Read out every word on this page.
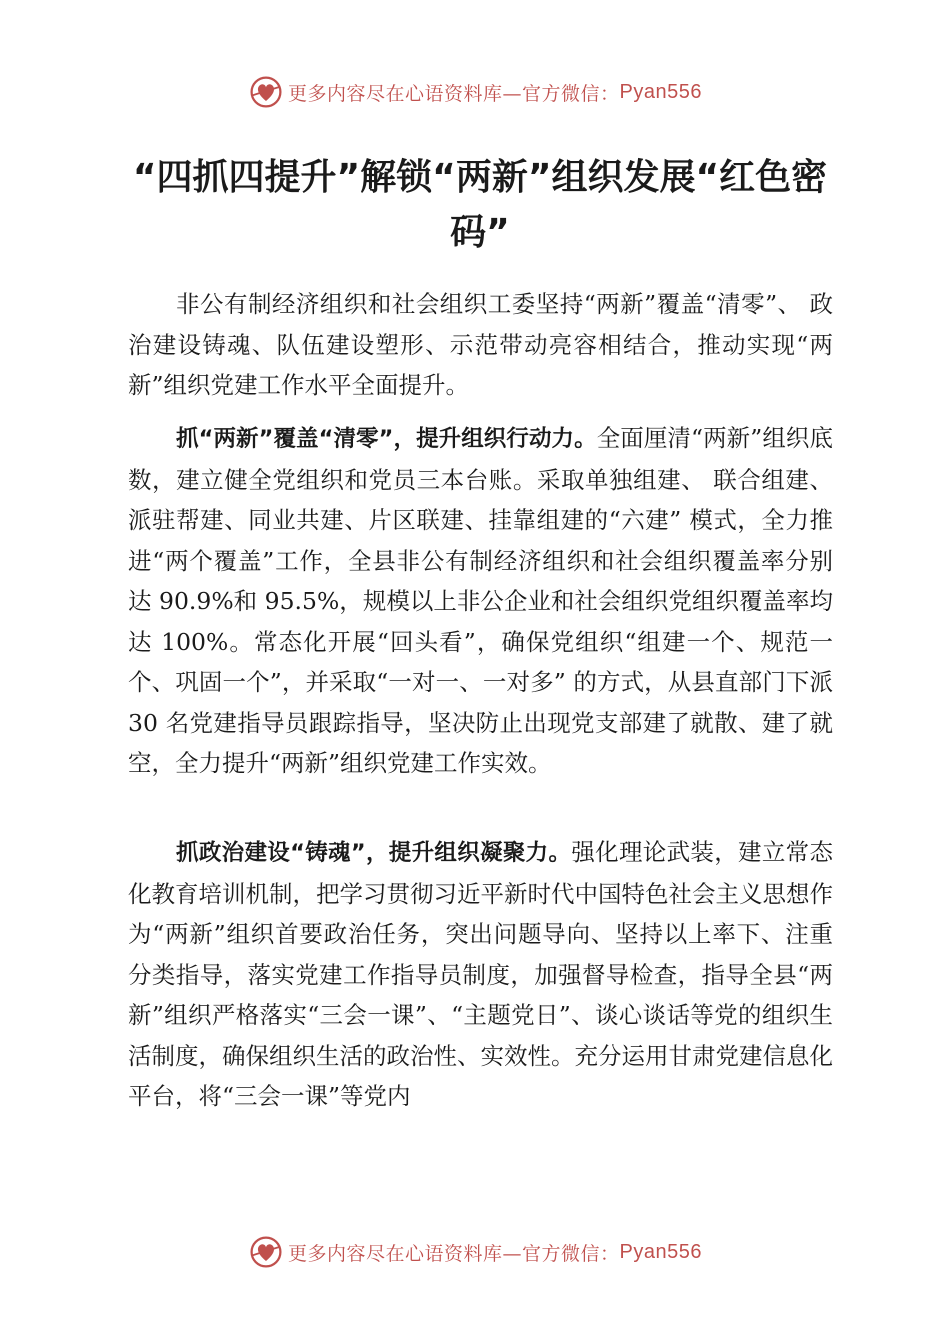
更多内容尽在心语资料库—官方微信： Pyan556
“四抓四提升”解锁“两新”组织发展“红色密码”

非公有制经济组织和社会组织工委坚持“两新”覆盖“清零”、 政治建设铸魂、队伍建设塑形、示范带动亮容相结合，推动实现“两新”组织党建工作水平全面提升。

抓“两新”覆盖“清零”，提升组织行动力。全面厘清“两新”组织底数，建立健全党组织和党员三本台账。采取单独组建、 联合组建、派驻帮建、同业共建、片区联建、挂靠组建的“六建” 模式，全力推进“两个覆盖”工作，全县非公有制经济组织和社会组织覆盖率分别达 90.9%和 95.5%，规模以上非公企业和社会组织党组织覆盖率均达 100%。常态化开展“回头看”，确保党组织“组建一个、规范一个、巩固一个”，并采取“一对一、一对多” 的方式，从县直部门下派 30 名党建指导员跟踪指导，坚决防止出现党支部建了就散、建了就空，全力提升“两新”组织党建工作实效。

抓政治建设“铸魂”，提升组织凝聚力。强化理论武装，建立常态化教育培训机制，把学习贯彻习近平新时代中国特色社会主义思想作为“两新”组织首要政治任务，突出问题导向、坚持以上率下、注重分类指导，落实党建工作指导员制度，加强督导检查，指导全县“两新”组织严格落实“三会一课”、“主题党日”、谈心谈话等党的组织生活制度，确保组织生活的政治性、实效性。充分运用甘肃党建信息化平台，将“三会一课”等党内

更多内容尽在心语资料库—官方微信： Pyan556
